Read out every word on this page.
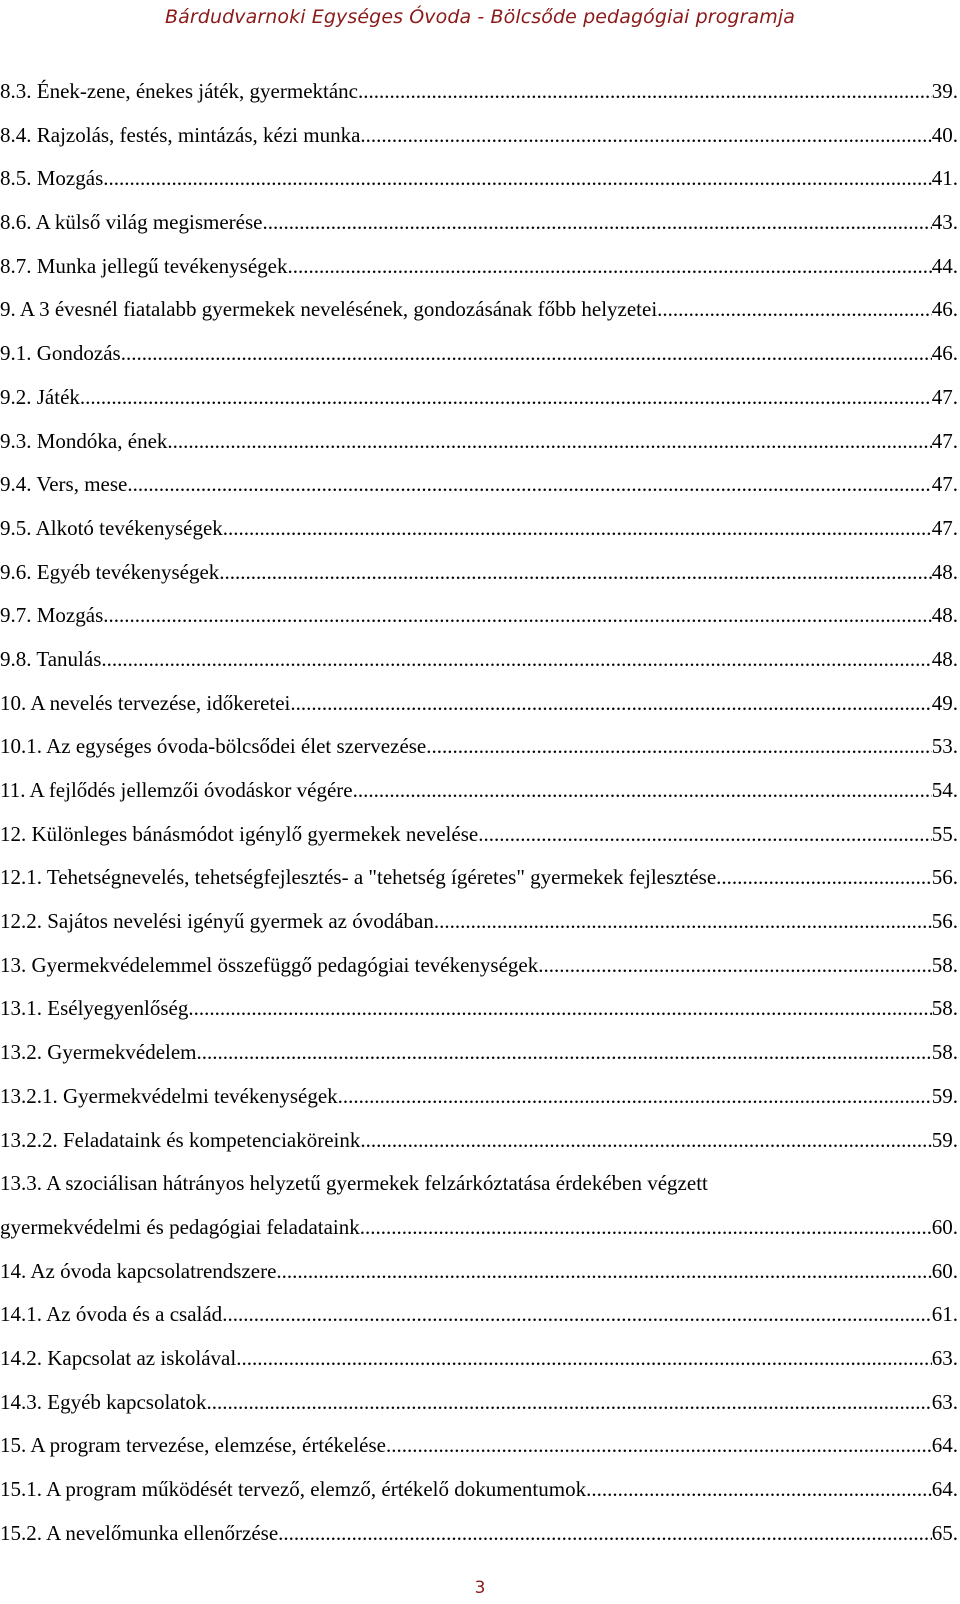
Bárdudvarnoki Egységes Óvoda - Bölcsőde pedagógiai programja
8.3. Ének-zene, énekes játék, gyermektánc .....	39.
8.4. Rajzolás, festés, mintázás, kézi munka .....	40.
8.5. Mozgás .....	41.
8.6. A külső világ megismerése .....	43.
8.7. Munka jellegű tevékenységek .....	44.
9. A 3 évesnél fiatalabb gyermekek nevelésének, gondozásának főbb helyzetei .....	46.
9.1. Gondozás .....	46.
9.2. Játék .....	47.
9.3. Mondóka, ének .....	47.
9.4. Vers, mese .....	47.
9.5. Alkotó tevékenységek .....	47.
9.6. Egyéb tevékenységek .....	48.
9.7. Mozgás .....	48.
9.8. Tanulás .....	48.
10. A nevelés tervezése, időkeretei .....	49.
10.1. Az egységes óvoda-bölcsődei élet szervezése .....	53.
11. A fejlődés jellemzői óvodáskor végére .....	54.
12. Különleges bánásmódot igénylő gyermekek nevelése .....	55.
12.1. Tehetségnevelés, tehetségfejlesztés- a "tehetség ígéretes" gyermekek fejlesztése .....	56.
12.2. Sajátos nevelési igényű gyermek az óvodában .....	56.
13. Gyermekvédelemmel összefüggő pedagógiai tevékenységek .....	58.
13.1. Esélyegyenlőség .....	58.
13.2. Gyermekvédelem .....	58.
13.2.1. Gyermekvédelmi tevékenységek .....	59.
13.2.2. Feladataink és kompetenciaköreink .....	59.
13.3. A szociálisan hátrányos helyzetű gyermekek felzárkóztatása érdekében végzett
gyermekvédelmi és pedagógiai feladataink .....	60.
14. Az óvoda kapcsolatrendszere .....	60.
14.1. Az óvoda és a család .....	61.
14.2. Kapcsolat az iskolával .....	63.
14.3. Egyéb kapcsolatok .....	63.
15. A program tervezése, elemzése, értékelése .....	64.
15.1. A program működését tervező, elemző, értékelő dokumentumok .....	64.
15.2. A nevelőmunka ellenőrzése .....	65.
3
